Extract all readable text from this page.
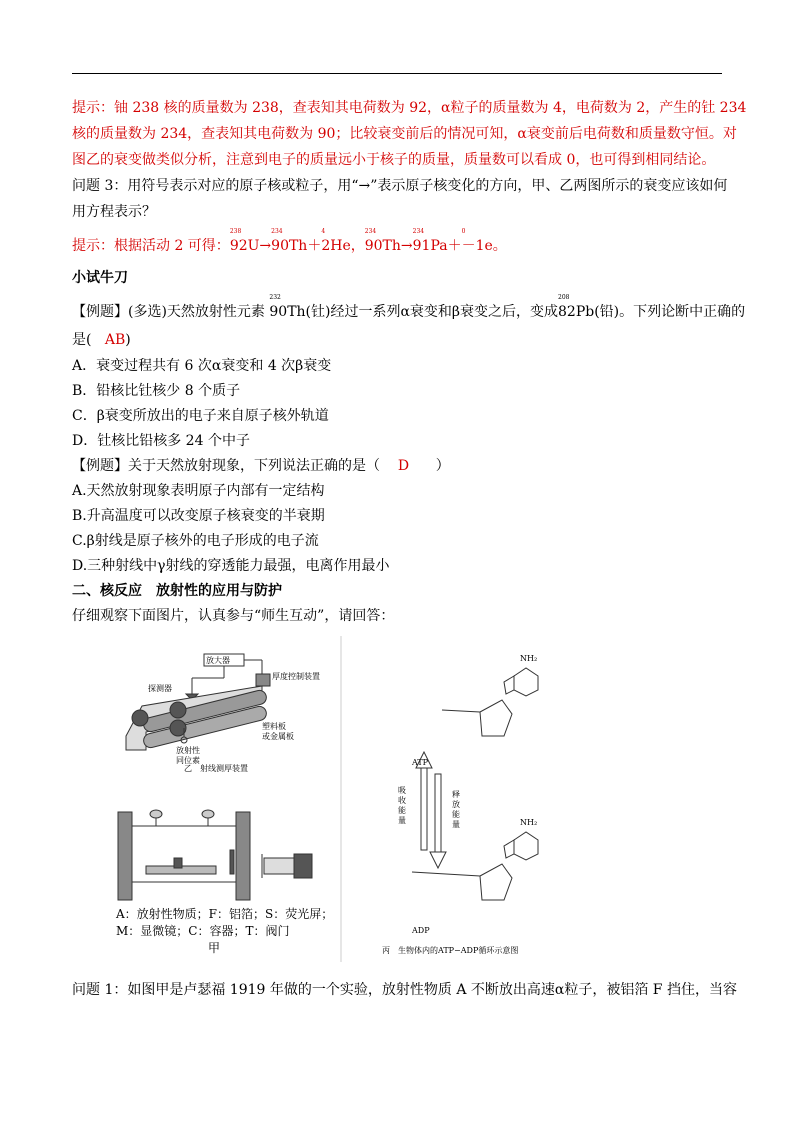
提示：铀 238 核的质量数为 238，查表知其电荷数为 92，α粒子的质量数为 4，电荷数为 2，产生的钍 234
核的质量数为 234，查表知其电荷数为 90；比较衰变前后的情况可知，α衰变前后电荷数和质量数守恒。对
图乙的衰变做类似分析，注意到电子的质量远小于核子的质量，质量数可以看成 0，也可得到相同结论。
问题 3：用符号表示对应的原子核或粒子，用“→”表示原子核变化的方向，甲、乙两图所示的衰变应该如何
用方程表示？
提示：根据活动 2 可得：
238
92U→
234
90Th＋
4
2He，
234
90Th→
234
91Pa＋
0
－1e。
小试牛刀
【例题】(多选)天然放射性元素
232
90Th(钍)经过一系列α衰变和β衰变之后，变成
208
82Pb(铅)。下列论断中正确的
是( AB)
A．衰变过程共有 6 次α衰变和 4 次β衰变
B．铅核比钍核少 8 个质子
C．β衰变所放出的电子来自原子核外轨道
D．钍核比铅核多 24 个中子
【例题】关于天然放射现象，下列说法正确的是（ D ）
A.天然放射现象表明原子内部有一定结构
B.升高温度可以改变原子核衰变的半衰期
C.β射线是原子核外的电子形成的电子流
D.三种射线中γ射线的穿透能力最强，电离作用最小
二、核反应　放射性的应用与防护
仔细观察下面图片，认真参与“师生互动”，请回答：
放大器
厚度控制装置
探测器
放射性
同位素
塑料板
或金属板
乙　射线测厚装置
NH₂
ATP
吸收能量
释放能量	NH₂
ADP
丙　生物体内的ATP−ADP循环示意图
A：放射性物质；F：铝箔；S：荧光屏；
M：显微镜；C：容器；T：阀门
甲
问题 1：如图甲是卢瑟福 1919 年做的一个实验，放射性物质 A 不断放出高速α粒子，被铝箔 F 挡住，当容
